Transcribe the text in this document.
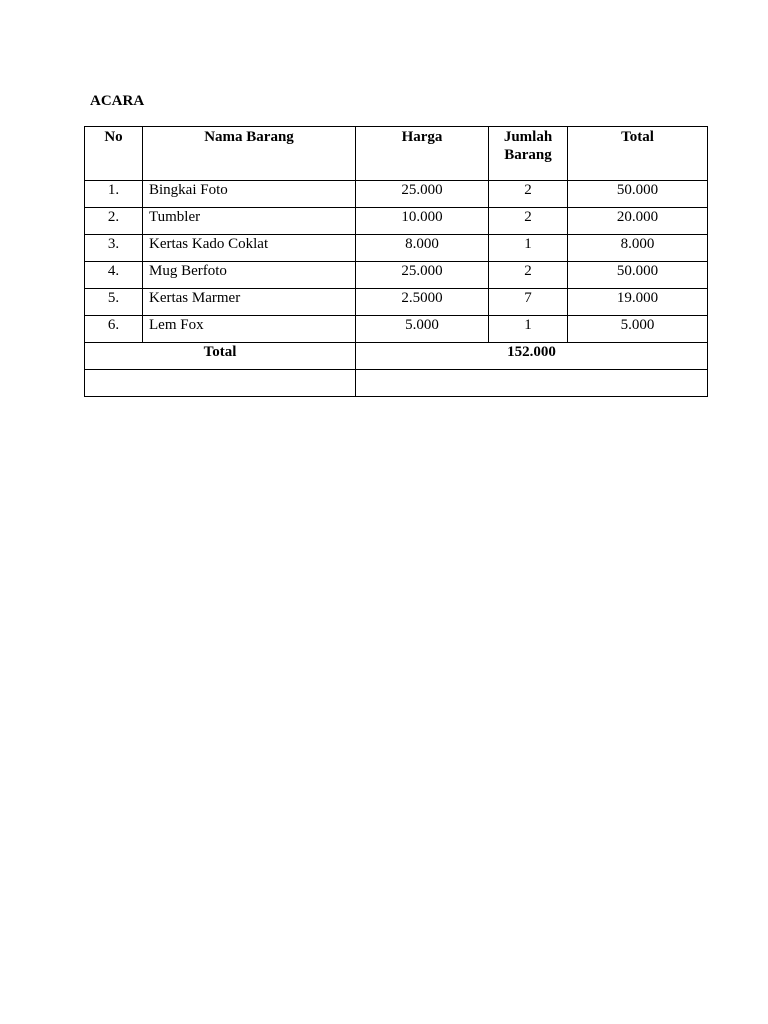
ACARA
No	Nama Barang	Harga	Jumlah Barang	Total
1.	Bingkai Foto	25.000	2	50.000
2.	Tumbler	10.000	2	20.000
3.	Kertas Kado Coklat	8.000	1	8.000
4.	Mug Berfoto	25.000	2	50.000
5.	Kertas Marmer	2.5000	7	19.000
6.	Lem Fox	5.000	1	5.000
Total		152.000		
